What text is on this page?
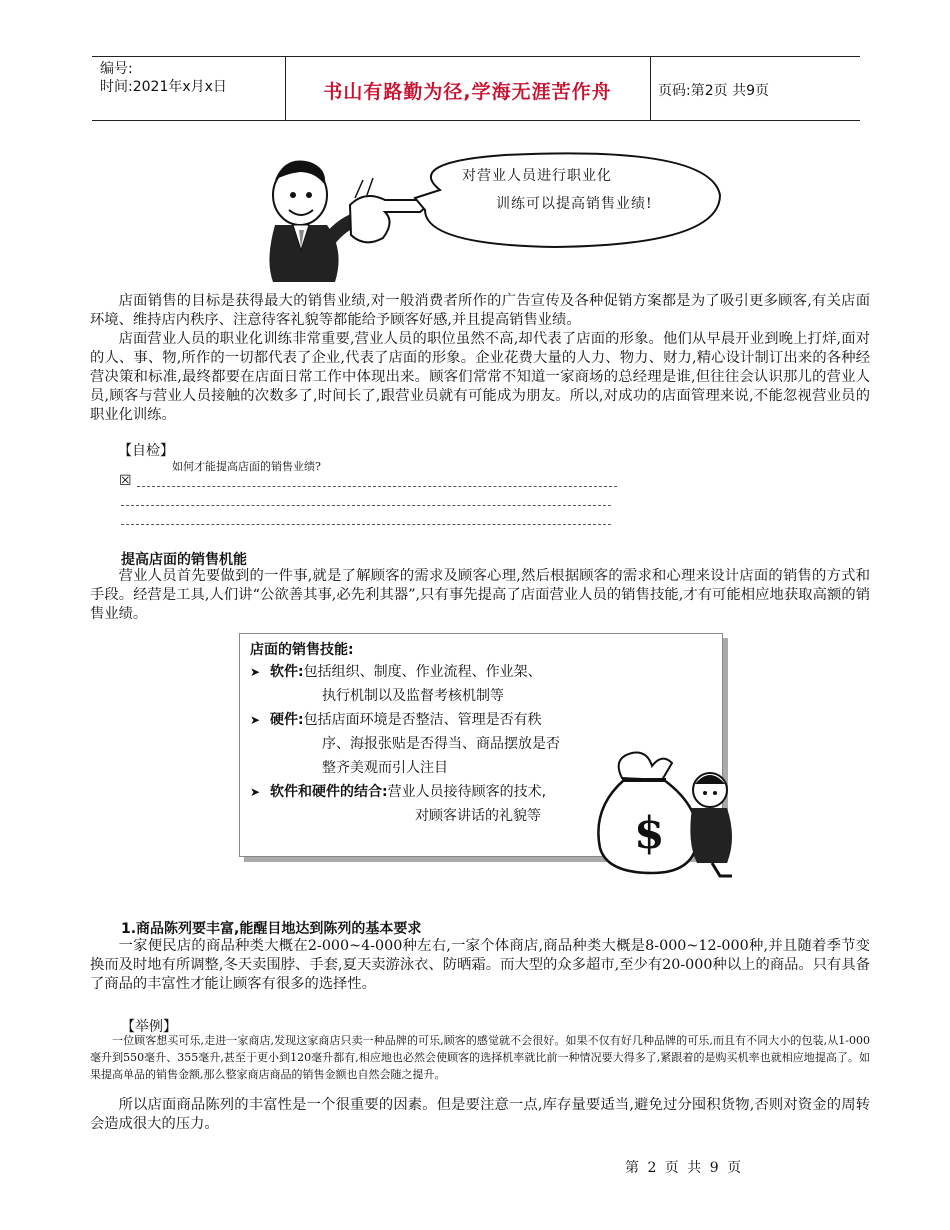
编号:
时间:2021年x月x日	书山有路勤为径,学海无涯苦作舟	页码:第2页 共9页
对营业人员进行职业化
训练可以提高销售业绩!
店面销售的目标是获得最大的销售业绩,对一般消费者所作的广告宣传及各种促销方案都是为了吸引更多顾客,有关店面环境、维持店内秩序、注意待客礼貌等都能给予顾客好感,并且提高销售业绩。
店面营业人员的职业化训练非常重要,营业人员的职位虽然不高,却代表了店面的形象。他们从早晨开业到晚上打烊,面对的人、事、物,所作的一切都代表了企业,代表了店面的形象。企业花费大量的人力、物力、财力,精心设计制订出来的各种经营决策和标准,最终都要在店面日常工作中体现出来。顾客们常常不知道一家商场的总经理是谁,但往往会认识那儿的营业人员,顾客与营业人员接触的次数多了,时间长了,跟营业员就有可能成为朋友。所以,对成功的店面管理来说,不能忽视营业员的职业化训练。
【自检】
如何才能提高店面的销售业绩?
☒
提高店面的销售机能
营业人员首先要做到的一件事,就是了解顾客的需求及顾客心理,然后根据顾客的需求和心理来设计店面的销售的方式和手段。经营是工具,人们讲“公欲善其事,必先利其器”,只有事先提高了店面营业人员的销售技能,才有可能相应地获取高额的销售业绩。
店面的销售技能:
➤ 软件:包括组织、制度、作业流程、作业架、
执行机制以及监督考核机制等
➤ 硬件:包括店面环境是否整洁、管理是否有秩
序、海报张贴是否得当、商品摆放是否
整齐美观而引人注目
➤ 软件和硬件的结合:营业人员接待顾客的技术,
对顾客讲话的礼貌等 $
1.商品陈列要丰富,能醒目地达到陈列的基本要求
一家便民店的商品种类大概在2-000~4-000种左右,一家个体商店,商品种类大概是8-000~12-000种,并且随着季节变换而及时地有所调整,冬天卖围脖、手套,夏天卖游泳衣、防晒霜。而大型的众多超市,至少有20-000种以上的商品。只有具备了商品的丰富性才能让顾客有很多的选择性。
【举例】
一位顾客想买可乐,走进一家商店,发现这家商店只卖一种品牌的可乐,顾客的感觉就不会很好。如果不仅有好几种品牌的可乐,而且有不同大小的包装,从1-000毫升到550毫升、355毫升,甚至于更小到120毫升都有,相应地也必然会使顾客的选择机率就比前一种情况要大得多了,紧跟着的是购买机率也就相应地提高了。如果提高单品的销售金额,那么整家商店商品的销售金额也自然会随之提升。
所以店面商品陈列的丰富性是一个很重要的因素。但是要注意一点,库存量要适当,避免过分囤积货物,否则对资金的周转会造成很大的压力。
第 2 页 共 9 页
